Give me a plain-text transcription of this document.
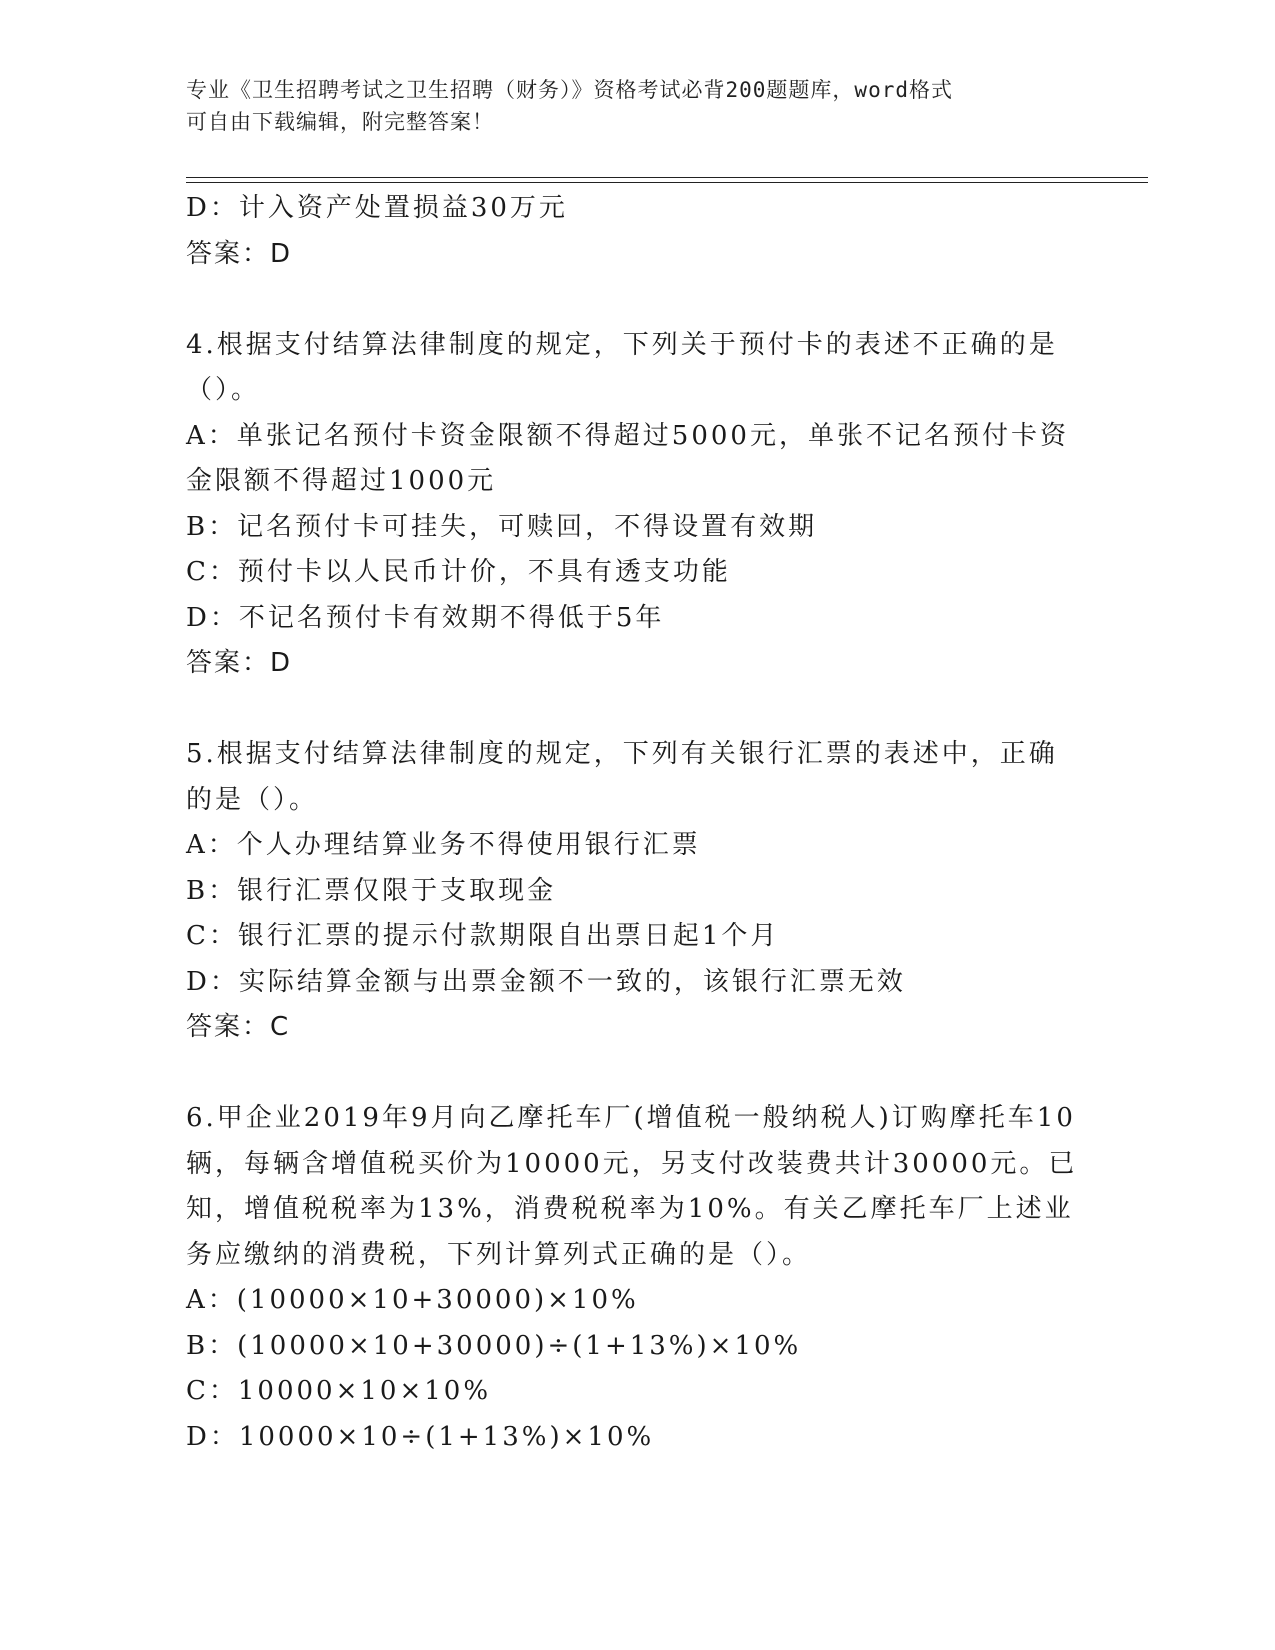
专业《卫生招聘考试之卫生招聘（财务）》资格考试必背200题题库，word格式
可自由下载编辑，附完整答案！
D：计入资产处置损益30万元
答案：D
4.根据支付结算法律制度的规定，下列关于预付卡的表述不正确的是
（）。
A：单张记名预付卡资金限额不得超过5000元，单张不记名预付卡资
金限额不得超过1000元
B：记名预付卡可挂失，可赎回，不得设置有效期
C：预付卡以人民币计价，不具有透支功能
D：不记名预付卡有效期不得低于5年
答案：D
5.根据支付结算法律制度的规定，下列有关银行汇票的表述中，正确
的是（）。
A：个人办理结算业务不得使用银行汇票
B：银行汇票仅限于支取现金
C：银行汇票的提示付款期限自出票日起1个月
D：实际结算金额与出票金额不一致的，该银行汇票无效
答案：C
6.甲企业2019年9月向乙摩托车厂(增值税一般纳税人)订购摩托车10
辆，每辆含增值税买价为10000元，另支付改装费共计30000元。已
知，增值税税率为13%，消费税税率为10%。有关乙摩托车厂上述业
务应缴纳的消费税，下列计算列式正确的是（）。
A：(10000×10+30000)×10%
B：(10000×10+30000)÷(1+13%)×10%
C：10000×10×10%
D：10000×10÷(1+13%)×10%
